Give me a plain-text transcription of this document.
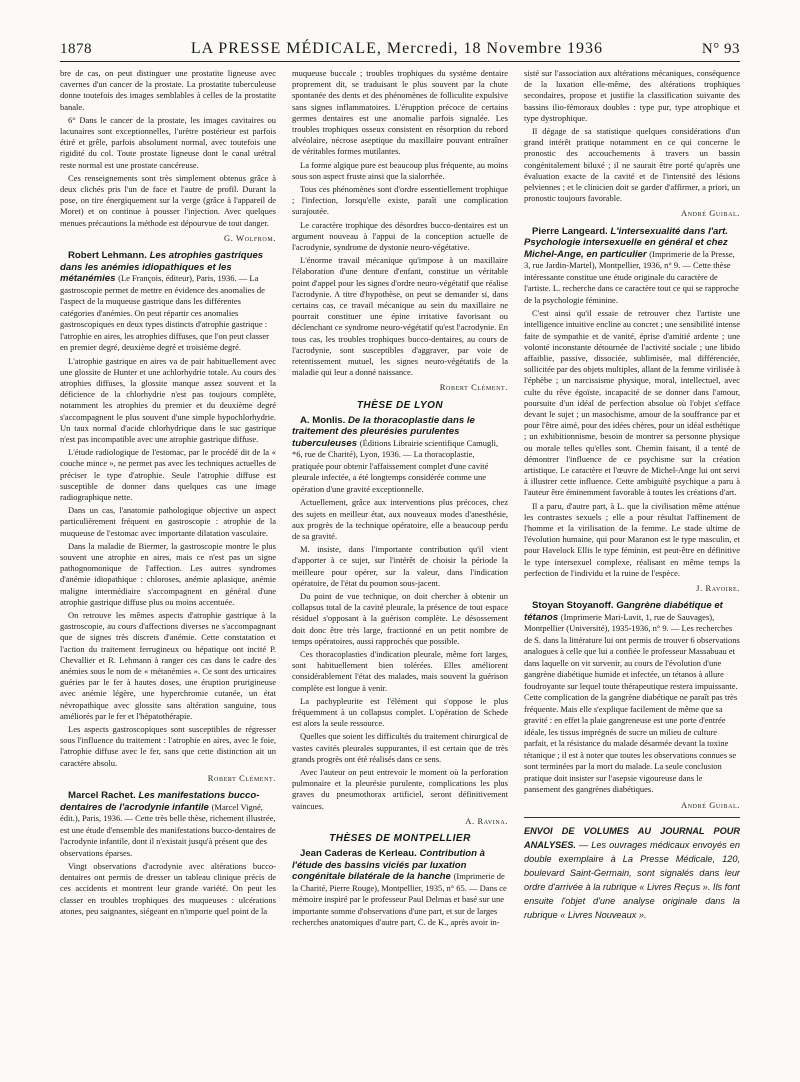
1878	LA PRESSE MÉDICALE, Mercredi, 18 Novembre 1936	N° 93

bre de cas, on peut distinguer une prostatite ligneuse avec cavernes d'un cancer de la prostate. La prostatite tuberculeuse donne toutefois des images semblables à celles de la prostatite banale.

6° Dans le cancer de la prostate, les images cavitaires ou lacunaires sont exceptionnelles, l'urètre postérieur est parfois étiré et grêle, parfois absolument normal, avec toutefois une rigidité du col. Toute prostate ligneuse dont le canal urétral reste normal est une prostate cancéreuse.

Ces renseignements sont très simplement obtenus grâce à deux clichés pris l'un de face et l'autre de profil. Durant la pose, on tire énergiquement sur la verge (grâce à l'appareil de Moret) et on continue à pousser l'injection. Avec quelques menues précautions la méthode est dépourvue de tout danger.

G. Wolfrom.

Robert Lehmann. Les atrophies gastriques dans les anémies idiopathiques et les métanémies (Le François, éditeur), Paris, 1936. — La gastroscopie permet de mettre en évidence des anomalies de l'aspect de la muqueuse gastrique dans les différentes catégories d'anémies. On peut répartir ces anomalies gastroscopiques en deux types distincts d'atrophie gastrique : l'atrophie en aires, les atrophies diffuses, que l'on peut classer en premier degré, deuxième degré et troisième degré.

L'atrophie gastrique en aires va de pair habituellement avec une glossite de Hunter et une achlorhydrie totale. Au cours des atrophies diffuses, la glossite manque assez souvent et la déficience de la chlorhydrie n'est pas toujours complète, notamment les atrophies du premier et du deuxième degré s'accompagnent le plus souvent d'une simple hypochlorhydrie. Un taux normal d'acide chlorhydrique dans le suc gastrique n'est pas incompatible avec une atrophie gastrique diffuse.

L'étude radiologique de l'estomac, par le procédé dit de la « couche mince », ne permet pas avec les techniques actuelles de préciser le type d'atrophie. Seule l'atrophie diffuse est susceptible de donner dans quelques cas une image radiographique nette.

Dans un cas, l'anatomie pathologique objective un aspect particulièrement fréquent en gastroscopie : atrophie de la muqueuse de l'estomac avec importante dilatation vasculaire.

Dans la maladie de Biermer, la gastroscopie montre le plus souvent une atrophie en aires, mais ce n'est pas un signe pathognomonique de l'affection. Les autres syndromes d'anémie idiopathique : chloroses, anémie aplasique, anémie maligne intermédiaire s'accompagnent en général d'une atrophie gastrique diffuse plus ou moins accentuée.

On retrouve les mêmes aspects d'atrophie gastrique à la gastroscopie, au cours d'affections diverses ne s'accompagnant que de signes très discrets d'anémie. Cette constatation et l'action du traitement ferrugineux ou hépatique ont incité P. Chevallier et R. Lehmann à ranger ces cas dans le cadre des anémies sous le nom de « métanémies ». Ce sont des urticaires guéries par le fer à hautes doses, une éruption prurigineuse avec anémie légère, une hyperchromie cutanée, un état névropathique avec glossite sans altération sanguine, tous améliorés par le fer et l'hépatothérapie.

Les aspects gastroscopiques sont susceptibles de régresser sous l'influence du traitement : l'atrophie en aires, avec le foie, l'atrophie diffuse avec le fer, sans que cette distinction ait un caractère absolu.

Robert Clément.

Marcel Rachet. Les manifestations bucco-dentaires de l'acrodynie infantile (Marcel Vigné, édit.), Paris, 1936. — Cette très belle thèse, richement illustrée, est une étude d'ensemble des manifestations bucco-dentaires de l'acrodynie infantile, dont il n'existait jusqu'à présent que des observations éparses.

Vingt observations d'acrodynie avec altérations bucco-dentaires ont permis de dresser un tableau clinique précis de ces accidents et montrent leur grande variété. On peut les classer en troubles trophiques des muqueuses : ulcérations atones, peu saignantes, siégeant en n'importe quel point de la

muqueuse buccale ; troubles trophiques du système dentaire proprement dit, se traduisant le plus souvent par la chute spontanée des dents et des phénomènes de folliculite expulsive sans signes inflammatoires. L'érupption précoce de certains germes dentaires est une anomalie parfois signalée. Les troubles trophiques osseux consistent en résorption du rebord alvéolaire, nécrose aseptique du maxillaire pouvant entraîner de véritables formes mutilantes.

La forme algique pure est beaucoup plus fréquente, au moins sous son aspect fruste ainsi que la sialorrhée.

Tous ces phénomènes sont d'ordre essentiellement trophique ; l'infection, lorsqu'elle existe, paraît une complication surajoutée.

Le caractère trophique des désordres bucco-dentaires est un argument nouveau à l'appui de la conception actuelle de l'acrodynie, syndrome de dystonie neuro-végétative.

L'énorme travail mécanique qu'impose à un maxillaire l'élaboration d'une denture d'enfant, constitue un véritable point d'appel pour les signes d'ordre neuro-végétatif que réalise l'acrodynie. A titre d'hypothèse, on peut se demander si, dans certains cas, ce travail mécanique au sein du maxillaire ne pourrait constituer une épine irritative favorisant ou déclenchant ce syndrome neuro-végétatif qu'est l'acrodynie. En tous cas, les troubles trophiques bucco-dentaires, au cours de l'acrodynie, sont susceptibles d'aggraver, par voie de retentissement mutuel, les signes neuro-végétatifs de la maladie qui leur a donné naissance.

Robert Clément.
THÈSE DE LYON

A. Monlis. De la thoracoplastie dans le traitement des pleurésies purulentes tuberculeuses (Éditions Librairie scientifique Camugli, *6, rue de Charité), Lyon, 1936. — La thoracoplastie, pratiquée pour obtenir l'affaissement complet d'une cavité pleurale infectée, a été longtemps considérée comme une opération d'une gravité exceptionnelle.

Actuellement, grâce aux interventions plus précoces, chez des sujets en meilleur état, aux nouveaux modes d'anesthésie, aux progrès de la technique opératoire, elle a beaucoup perdu de sa gravité.

M. insiste, dans l'importante contribution qu'il vient d'apporter à ce sujet, sur l'intérêt de choisir la période la meilleure pour opérer, sur la valeur, dans l'indication opératoire, de l'état du poumon sous-jacent.

Du point de vue technique, on doit chercher à obtenir un collapsus total de la cavité pleurale, la présence de tout espace résiduel s'opposant à la guérison complète. Le désossement doit donc être très large, fractionné en un petit nombre de temps opératoires, aussi rapprochés que possible.

Ces thoracoplasties d'indication pleurale, même fort larges, sont habituellement bien tolérées. Elles améliorent considérablement l'état des malades, mais souvent la guérison complète est longue à venir.

La pachypleurite est l'élément qui s'oppose le plus fréquemment à un collapsus complet. L'opération de Schede est alors la seule ressource.

Quelles que soient les difficultés du traitement chirurgical de vastes cavités pleurales suppurantes, il est certain que de très grands progrès ont été réalisés dans ce sens.

Avec l'auteur on peut entrevoir le moment où la perforation pulmonaire et la pleurésie purulente, complications les plus graves du pneumothorax artificiel, seront définitivement vaincues.

A. Ravina.
THÈSES DE MONTPELLIER

Jean Caderas de Kerleau. Contribution à l'étude des bassins viciés par luxation congénitale bilatérale de la hanche (Imprimerie de la Charité, Pierre Rouge), Montpellier, 1935, n° 65. — Dans ce mémoire inspiré par le professeur Paul Delmas et basé sur une importante somme d'observations d'une part, et sur de larges recherches anatomiques d'autre part, C. de K., après avoir in-

sisté sur l'association aux altérations mécaniques, conséquence de la luxation elle-même, des altérations trophiques secondaires, propose et justifie la classification suivante des bassins ilio-fémoraux doubles : type pur, type atrophique et type dystrophique.

Il dégage de sa statistique quelques considérations d'un grand intérêt pratique notamment en ce qui concerne le pronostic des accouchements à travers un bassin congénitalement biluxé ; il ne saurait être porté qu'après une évaluation exacte de la cavité et de l'intensité des lésions pelviennes ; et le clinicien doit se garder d'affirmer, a priori, un pronostic toujours favorable.

André Guibal.

Pierre Langeard. L'intersexualité dans l'art. Psychologie intersexuelle en général et chez Michel-Ange, en particulier (Imprimerie de la Presse, 3, rue Jardin-Martel), Montpellier, 1936, n° 9. — Cette thèse intéressante constitue une étude originale du caractère de l'artiste. L. recherche dans ce caractère tout ce qui se rapproche de la psychologie féminine.

C'est ainsi qu'il essaie de retrouver chez l'artiste une intelligence intuitive encline au concret ; une sensibilité intense faite de sympathie et de vanité, éprise d'amitié ardente ; une volonté inconstante détournée de l'activité sociale ; une libido affaiblie, passive, dissociée, sublimisée, mal différenciée, sollicitée par des objets multiples, allant de la femme virilisée à l'éphèbe ; un narcissisme physique, moral, intellectuel, avec culte du rêve égoïste, incapacité de se donner dans l'amour, poursuite d'un idéal de perfection absolue où l'objet s'efface devant le sujet ; un masochisme, amour de la souffrance par et pour l'être aimé, pour des idées chères, pour un idéal esthétique ; un exhibitionnisme, besoin de montrer sa personne physique ou morale telles qu'elles sont. Chemin faisant, il a tenté de démontrer l'influence de ce psychisme sur la création artistique. Le caractère et l'œuvre de Michel-Ange lui ont servi à illustrer cette influence. Cette ambiguïté psychique a paru à l'auteur être éminemment favorable à toutes les créations d'art.

Il a paru, d'autre part, à L. que la civilisation même atténue les contrastes sexuels ; elle a pour résultat l'affinement de l'homme et la virilisation de la femme. Le stade ultime de l'évolution humaine, qui pour Maranon est le type masculin, et pour Havelock Ellis le type féminin, est peut-être en définitive le type intersexuel complexe, réalisant en même temps la perfection de l'individu et la ruine de l'espèce.

J. Ravoire.

Stoyan Stoyanoff. Gangrène diabétique et tétanos (Imprimerie Mari-Lavit, 1, rue de Sauvages), Montpellier (Université), 1935-1936, n° 9. — Les recherches de S. dans la littérature lui ont permis de trouver 6 observations analogues à celle que lui a confiée le professeur Massabuau et dans laquelle on vit survenir, au cours de l'évolution d'une gangrène diabétique humide et infectée, un tétanos à allure foudroyante sur lequel toute thérapeutique restera impuissante. Cette complication de la gangrène diabétique ne paraît pas très fréquente. Mais elle s'explique facilement de même que sa gravité : en effet la plaie gangreneuse est une porte d'entrée idéale, les tissus imprégnés de sucre un milieu de culture parfait, et la résistance du malade désarmée devant la toxine tétanique ; il est à noter que toutes les observations connues se sont terminées par la mort du malade. La seule conclusion pratique doit insister sur l'asepsie vigoureuse dans le pansement des gangrènes diabétiques.

André Guibal.
ENVOI DE VOLUMES AU JOURNAL POUR ANALYSES. — Les ouvrages médicaux envoyés en double exemplaire à La Presse Médicale, 120, boulevard Saint-Germain, sont signalés dans leur ordre d'arrivée à la rubrique « Livres Reçus ». Ils font ensuite l'objet d'une analyse originale dans la rubrique « Livres Nouveaux ».
